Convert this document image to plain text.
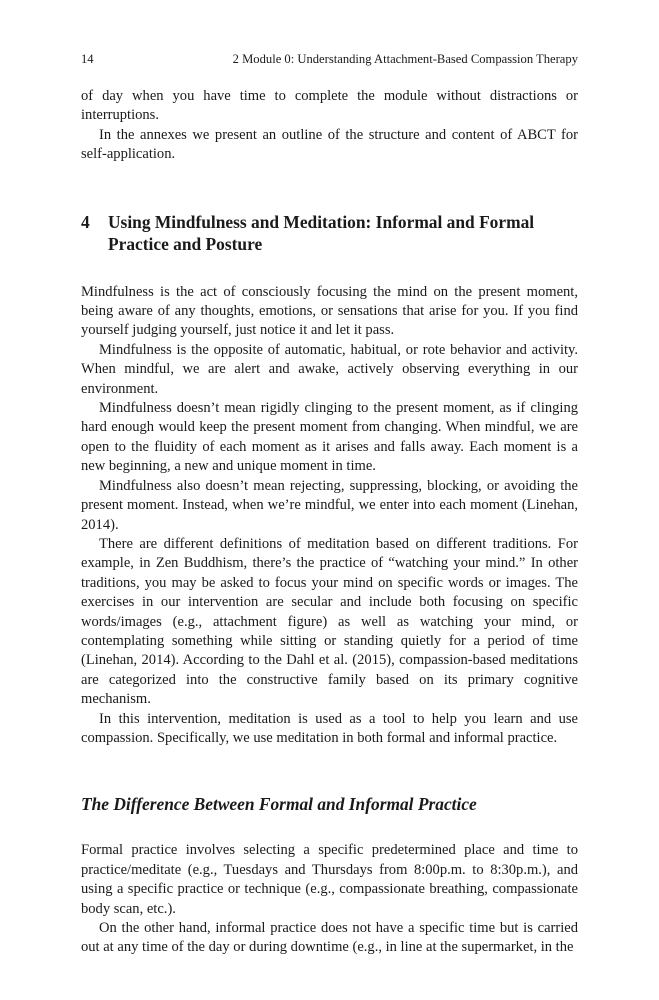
14	2 Module 0: Understanding Attachment-Based Compassion Therapy

of day when you have time to complete the module without distractions or interruptions.

In the annexes we present an outline of the structure and content of ABCT for self-application.

4 Using Mindfulness and Meditation: Informal and Formal Practice and Posture

Mindfulness is the act of consciously focusing the mind on the present moment, being aware of any thoughts, emotions, or sensations that arise for you. If you find yourself judging yourself, just notice it and let it pass.

Mindfulness is the opposite of automatic, habitual, or rote behavior and activity. When mindful, we are alert and awake, actively observing everything in our environment.

Mindfulness doesn’t mean rigidly clinging to the present moment, as if clinging hard enough would keep the present moment from changing. When mindful, we are open to the fluidity of each moment as it arises and falls away. Each moment is a new beginning, a new and unique moment in time.

Mindfulness also doesn’t mean rejecting, suppressing, blocking, or avoiding the present moment. Instead, when we’re mindful, we enter into each moment (Linehan, 2014).

There are different definitions of meditation based on different traditions. For example, in Zen Buddhism, there’s the practice of “watching your mind.” In other traditions, you may be asked to focus your mind on specific words or images. The exercises in our intervention are secular and include both focusing on specific words/images (e.g., attachment figure) as well as watching your mind, or contemplating something while sitting or standing quietly for a period of time (Linehan, 2014). According to the Dahl et al. (2015), compassion-based meditations are categorized into the constructive family based on its primary cognitive mechanism.

In this intervention, meditation is used as a tool to help you learn and use compassion. Specifically, we use meditation in both formal and informal practice.

The Difference Between Formal and Informal Practice

Formal practice involves selecting a specific predetermined place and time to practice/meditate (e.g., Tuesdays and Thursdays from 8:00p.m. to 8:30p.m.), and using a specific practice or technique (e.g., compassionate breathing, compassionate body scan, etc.).

On the other hand, informal practice does not have a specific time but is carried out at any time of the day or during downtime (e.g., in line at the supermarket, in the
